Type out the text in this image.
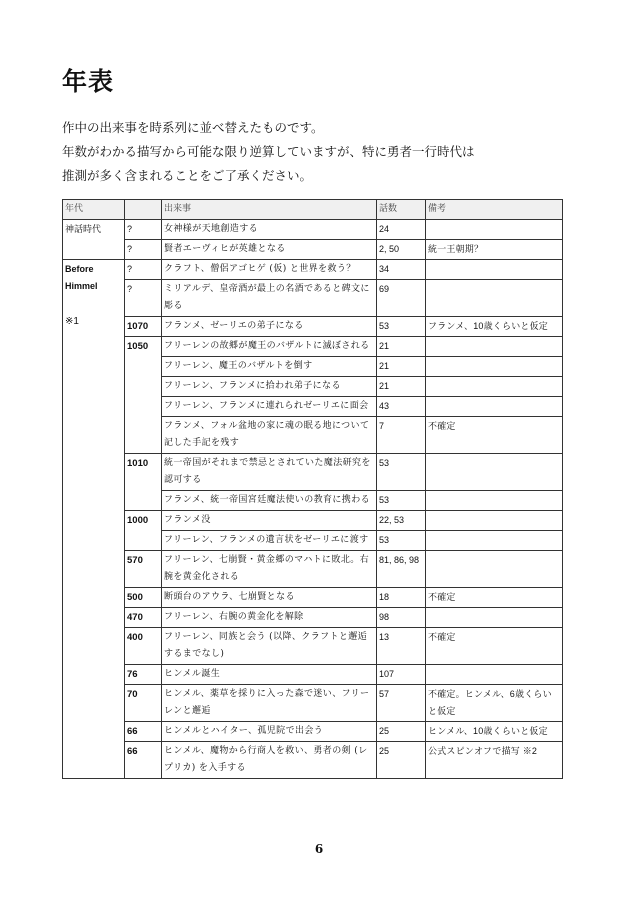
年表

作中の出来事を時系列に並べ替えたものです。

年数がわかる描写から可能な限り逆算していますが、特に勇者一行時代は

推測が多く含まれることをご了承ください。

年代		出来事	話数	備考
神話時代	?	女神様が天地創造する	24	
	?	賢者エーヴィヒが英雄となる	2, 50	統一王朝期？
Before
Himmel
※1	?	クラフト、僧侶アゴヒゲ (仮) と世界を救う？	34	
	?	ミリアルデ、皇帝酒が最上の名酒であると碑文に彫る	69	
	1070	フランメ、ゼーリエの弟子になる	53	フランメ、10歳くらいと仮定
	1050	フリーレンの故郷が魔王のバザルトに滅ぼされる	21	
		フリーレン、魔王のバザルトを倒す	21	
		フリーレン、フランメに拾われ弟子になる	21	
		フリーレン、フランメに連れられゼーリエに面会	43	
		フランメ、フォル盆地の家に魂の眠る地について記した手記を残す	7	不確定
	1010	統一帝国がそれまで禁忌とされていた魔法研究を認可する	53	
		フランメ、統一帝国宮廷魔法使いの教育に携わる	53	
	1000	フランメ没	22, 53	
		フリーレン、フランメの遺言状をゼーリエに渡す	53	
	570	フリーレン、七崩賢・黄金郷のマハトに敗北。右腕を黄金化される	81, 86, 98	
	500	断頭台のアウラ、七崩賢となる	18	不確定
	470	フリーレン、右腕の黄金化を解除	98	
	400	フリーレン、同族と会う (以降、クラフトと邂逅するまでなし)	13	不確定
	76	ヒンメル誕生	107	
	70	ヒンメル、薬草を採りに入った森で迷い、フリーレンと邂逅	57	不確定。ヒンメル、6歳くらいと仮定
	66	ヒンメルとハイター、孤児院で出会う	25	ヒンメル、10歳くらいと仮定
	66	ヒンメル、魔物から行商人を救い、勇者の剣 (レプリカ) を入手する	25	公式スピンオフで描写 ※2
6
